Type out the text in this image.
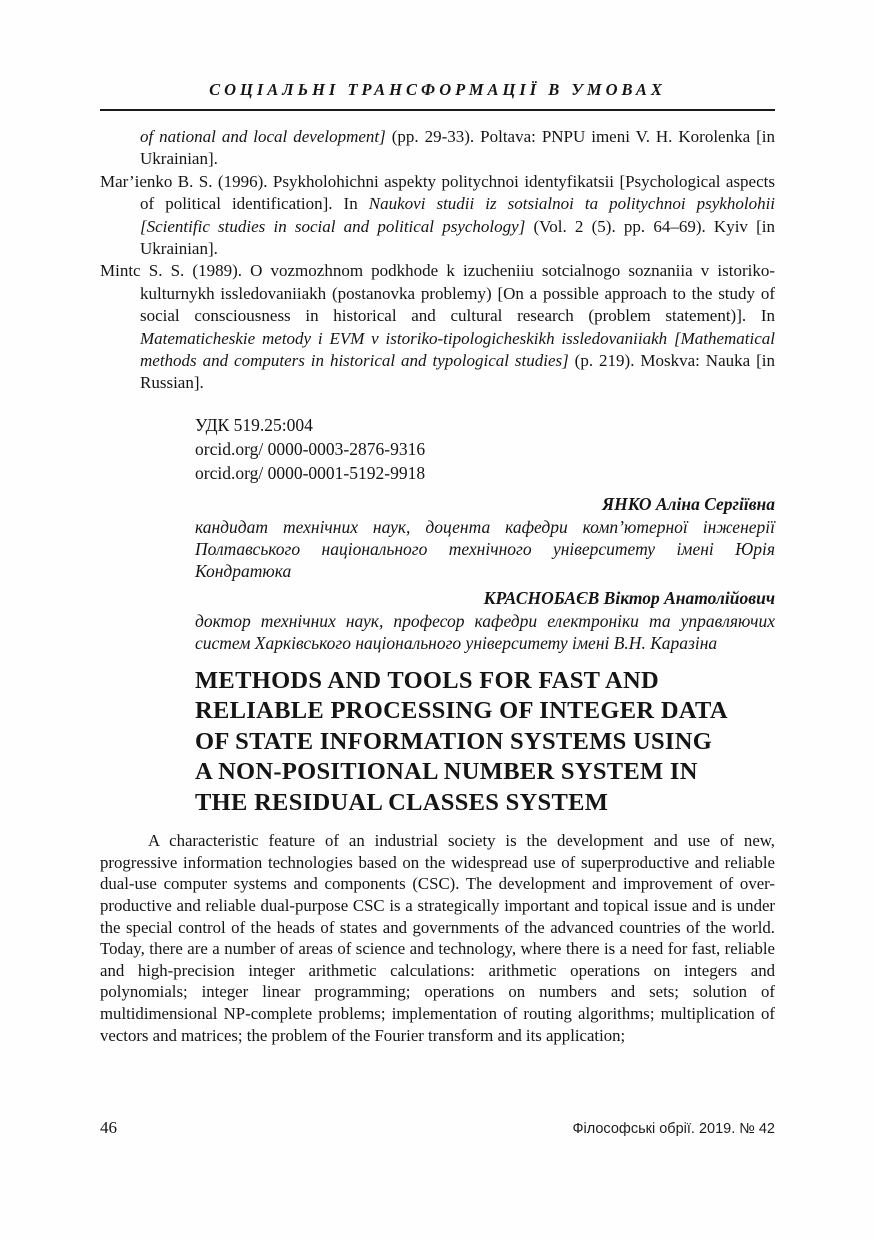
СОЦІАЛЬНІ ТРАНСФОРМАЦІЇ В УМОВАХ

of national and local development] (pp. 29-33). Poltava: PNPU imeni V. H. Korolenka [in Ukrainian].

Mar’ienko B. S. (1996). Psykholohichni aspekty politychnoi identyfikatsii [Psychological aspects of political identification]. In Naukovi studii iz sotsialnoi ta politychnoi psykholohii [Scientific studies in social and political psychology] (Vol. 2 (5). pp. 64–69). Kyiv [in Ukrainian].

Mintc S. S. (1989). O vozmozhnom podkhode k izucheniiu sotcialnogo soznaniia v istoriko-kulturnykh issledovaniiakh (postanovka problemy) [On a possible approach to the study of social consciousness in historical and cultural research (problem statement)]. In Matematicheskie metody i EVM v istoriko-tipologicheskikh issledovaniiakh [Mathematical methods and computers in historical and typological studies] (p. 219). Moskva: Nauka [in Russian].

УДК 519.25:004
orcid.org/ 0000-0003-2876-9316
orcid.org/ 0000-0001-5192-9918
ЯНКО Аліна Сергіївна

кандидат технічних наук, доцента кафедри комп’ютерної інженерії Полтавського національного технічного університету імені Юрія Кондратюка

КРАСНОБАЄВ Віктор Анатолійович

доктор технічних наук, професор кафедри електроніки та управляючих систем Харківського національного університету імені В.Н. Каразіна

METHODS AND TOOLS FOR FAST AND
RELIABLE PROCESSING OF INTEGER DATA
OF STATE INFORMATION SYSTEMS USING
A NON-POSITIONAL NUMBER SYSTEM IN
THE RESIDUAL CLASSES SYSTEM

A characteristic feature of an industrial society is the development and use of new, progressive information technologies based on the widespread use of superproductive and reliable dual-use computer systems and components (CSC). The development and improvement of over-productive and reliable dual-purpose CSC is a strategically important and topical issue and is under the special control of the heads of states and governments of the advanced countries of the world. Today, there are a number of areas of science and technology, where there is a need for fast, reliable and high-precision integer arithmetic calculations: arithmetic operations on integers and polynomials; integer linear programming; operations on numbers and sets; solution of multidimensional NP-complete problems; implementation of routing algorithms; multiplication of vectors and matrices; the problem of the Fourier transform and its application;

46	Філософські обрії. 2019. № 42
